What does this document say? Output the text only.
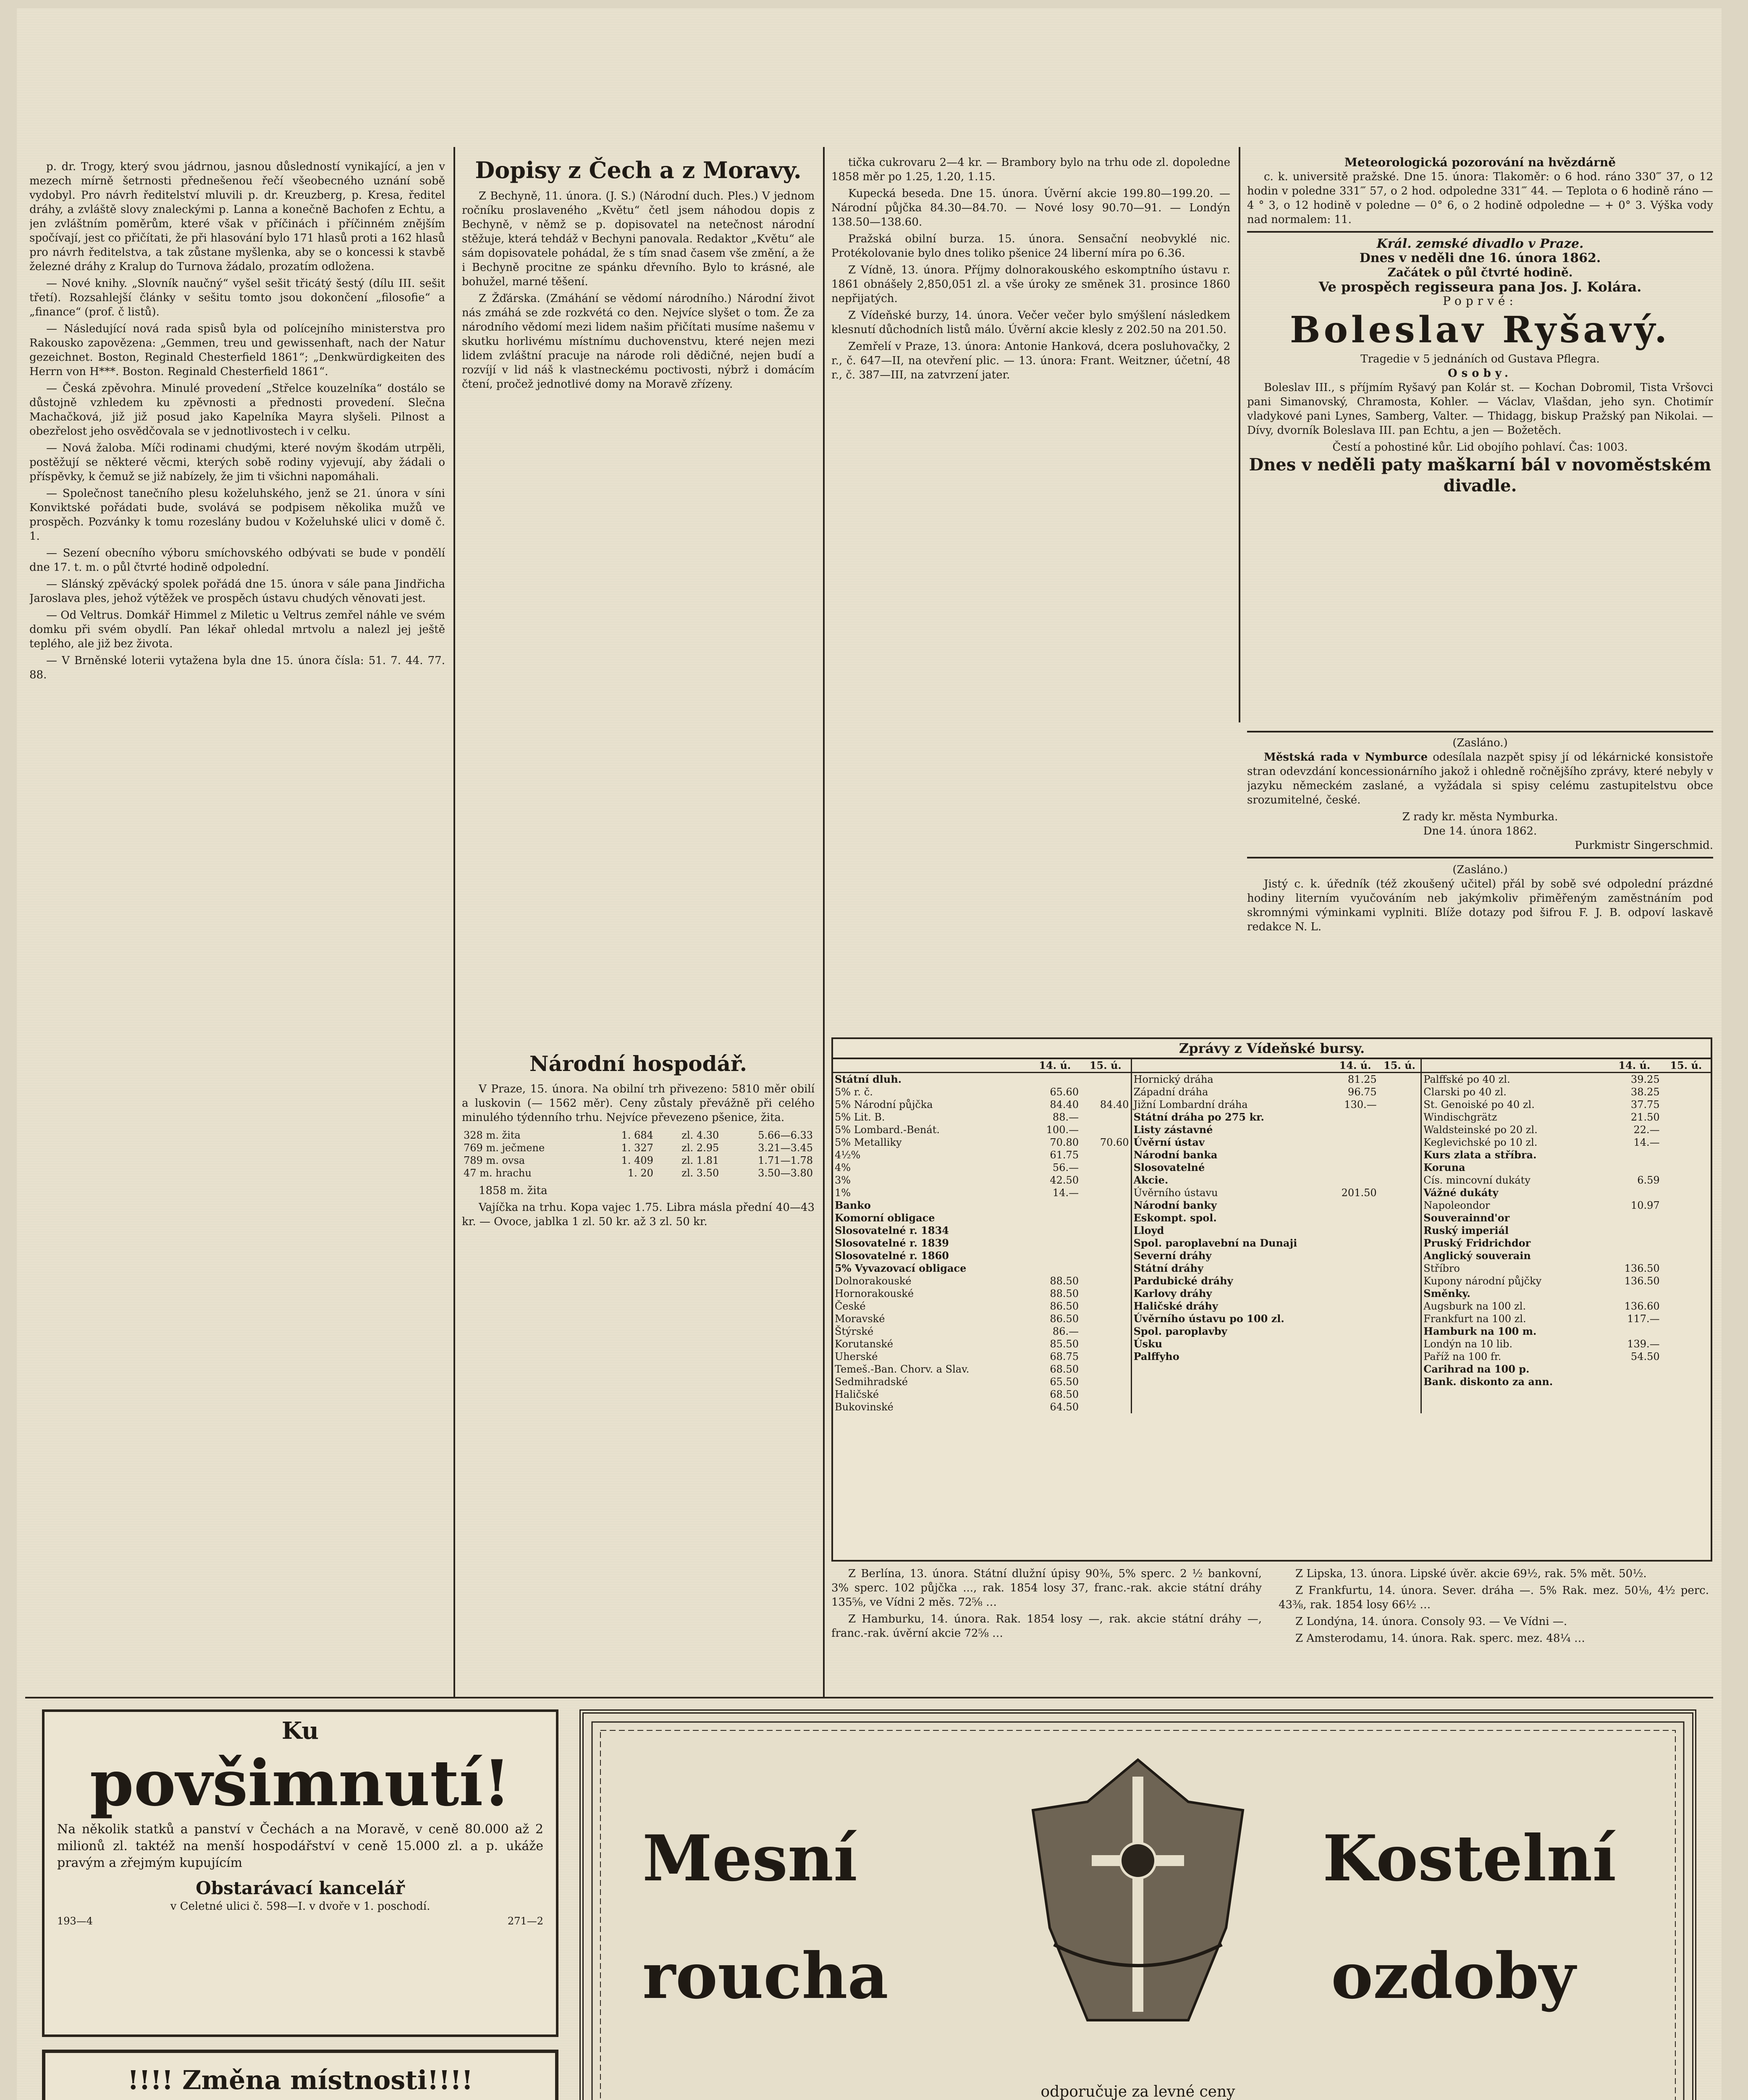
p. dr. Trogy, který svou jádrnou, jasnou důsledností vynikající, a jen v mezech mírně šetrnosti přednešenou řečí všeobecného uznání sobě vydobyl. Pro návrh ředitelství mluvili p. dr. Kreuzberg, p. Kresa, ředitel dráhy, a zvláště slovy znaleckými p. Lanna a konečně Bachofen z Echtu, a jen zvláštním poměrům, které však v příčinách i příčinném znějším spočívají, jest co přičítati, že při hlasování bylo 171 hlasů proti a 162 hlasů pro návrh ředitelstva, a tak zůstane myšlenka, aby se o koncessi k stavbě železné dráhy z Kralup do Turnova žádalo, prozatím odložena.

— Nové knihy. „Slovník naučný“ vyšel sešit třicátý šestý (dílu III. sešit třetí). Rozsahlejší články v sešitu tomto jsou dokončení „filosofie“ a „finance“ (prof. č listů).

— Následující nová rada spisů byla od polícejního ministerstva pro Rakousko zapovězena: „Gemmen, treu und gewissenhaft, nach der Natur gezeichnet. Boston, Reginald Chesterfield 1861“; „Denkwürdigkeiten des Herrn von H***. Boston. Reginald Chesterfield 1861“.

— Česká zpěvohra. Minulé provedení „Střelce kouzelníka“ dostálo se důstojně vzhledem ku zpěvnosti a přednosti provedení. Slečna Machačková, již již posud jako Kapelníka Mayra slyšeli. Pilnost a obezřelost jeho osvědčovala se v jednotlivostech i v celku.

— Nová žaloba. Míči rodinami chudými, které novým škodám utrpěli, postěžují se některé věcmi, kterých sobě rodiny vyjevují, aby žádali o příspěvky, k čemuž se již nabízely, že jim ti všichni napomáhali.

— Společnost tanečního plesu koželuhského, jenž se 21. února v síni Konviktské pořádati bude, svolává se podpisem několika mužů ve prospěch. Pozvánky k tomu rozeslány budou v Koželuhské ulici v domě č. 1.

— Sezení obecního výboru smíchovského odbývati se bude v pondělí dne 17. t. m. o půl čtvrté hodině odpolední.

— Slánský zpěvácký spolek pořádá dne 15. února v sále pana Jindřicha Jaroslava ples, jehož výtěžek ve prospěch ústavu chudých věnovati jest.

— Od Veltrus. Domkář Himmel z Miletic u Veltrus zemřel náhle ve svém domku při svém obydlí. Pan lékař ohledal mrtvolu a nalezl jej ještě teplého, ale již bez života.

— V Brněnské loterii vytažena byla dne 15. února čísla: 51. 7. 44. 77. 88.

Dopisy z Čech a z Moravy.

Z Bechyně, 11. února. (J. S.) (Národní duch. Ples.) V jednom ročníku proslaveného „Květu“ četl jsem náhodou dopis z Bechyně, v němž se p. dopisovatel na netečnost národní stěžuje, která tehdáž v Bechyni panovala. Redaktor „Květu“ ale sám dopisovatele pohádal, že s tím snad časem vše změní, a že i Bechyně procitne ze spánku dřevního. Bylo to krásné, ale bohužel, marné těšení.

Z Žďárska. (Zmáhání se vědomí národního.) Národní život nás zmáhá se zde rozkvétá co den. Nejvíce slyšet o tom. Že za národního vědomí mezi lidem našim přičítati musíme našemu v skutku horlivému místnímu duchovenstvu, které nejen mezi lidem zvláštní pracuje na národe roli dědičné, nejen budí a rozvíjí v lid náš k vlastneckému poctivosti, nýbrž i domácím čtení, pročež jednotlivé domy na Moravě zřízeny.

Národní hospodář.

V Praze, 15. února. Na obilní trh přivezeno: 5810 měr obilí a luskovin (— 1562 měr). Ceny zůstaly převážně při celého minulého týdenního trhu. Nejvíce převezeno pšenice, žita.

328 m. žita	1. 684	zl. 4.30	5.66—6.33
769 m. ječmene	1. 327	zl. 2.95	3.21—3.45
789 m. ovsa	1. 409	zl. 1.81	1.71—1.78
47 m. hrachu	1. 20	zl. 3.50	3.50—3.80

1858 m. žita

Vajíčka na trhu. Kopa vajec 1.75. Libra másla přední 40—43 kr. — Ovoce, jablka 1 zl. 50 kr. až 3 zl. 50 kr.

tička cukrovaru 2—4 kr. — Brambory bylo na trhu ode zl. dopoledne 1858 měr po 1.25, 1.20, 1.15.

Kupecká beseda. Dne 15. února. Úvěrní akcie 199.80—199.20. — Národní půjčka 84.30—84.70. — Nové losy 90.70—91. — Londýn 138.50—138.60.

Pražská obilní burza. 15. února. Sensační neobvyklé nic. Protékolovanie bylo dnes toliko pšenice 24 liberní míra po 6.36.

Z Vídně, 13. února. Příjmy dolnorakouského eskomptního ústavu r. 1861 obnášely 2,850,051 zl. a vše úroky ze směnek 31. prosince 1860 nepřijatých.

Z Vídeňské burzy, 14. února. Večer večer bylo smýšlení následkem klesnutí důchodních listů málo. Úvěrní akcie klesly z 202.50 na 201.50.

Zemřelí v Praze, 13. února: Antonie Hanková, dcera posluhovačky, 2 r., č. 647—II, na otevření plic. — 13. února: Frant. Weitzner, účetní, 48 r., č. 387—III, na zatvrzení jater.

Meteorologická pozorování na hvězdárně

c. k. universitě pražské. Dne 15. února: Tlakoměr: o 6 hod. ráno 330‴ 37, o 12 hodin v poledne 331‴ 57, o 2 hod. odpoledne 331‴ 44. — Teplota o 6 hodině ráno — 4 ° 3, o 12 hodině v poledne — 0° 6, o 2 hodině odpoledne — + 0° 3. Výška vody nad normalem: 11.

Král. zemské divadlo v Praze.
Dnes v neděli dne 16. února 1862.
Začátek o půl čtvrté hodině.
Ve prospěch regisseura pana Jos. J. Kolára.
Poprvé:
Boleslav Ryšavý.
Tragedie v 5 jednáních od Gustava Pflegra.
Osoby.

Boleslav III., s příjmím Ryšavý pan Kolár st. — Kochan Dobromil, Tista Vršovci pani Simanovský, Chramosta, Kohler. — Václav, Vlašdan, jeho syn. Chotimír vladykové pani Lynes, Samberg, Valter. — Thidagg, biskup Pražský pan Nikolai. — Dívy, dvorník Boleslava III. pan Echtu, a jen — Božetěch.

Čestí a pohostiné kůr. Lid obojího pohlaví. Čas: 1003.
Dnes v neděli paty maškarní bál v novoměstském divadle.
(Zasláno.)

Městská rada v Nymburce odesílala nazpět spisy jí od lékárnické konsistoře stran odevzdání koncessionárního jakož i ohledně ročnějšího zprávy, které nebyly v jazyku německém zaslané, a vyžádala si spisy celému zastupitelstvu obce srozumitelné, české.

Z rady kr. města Nymburka.
Dne 14. února 1862.
Purkmistr Singerschmid.
(Zasláno.)

Jistý c. k. úředník (též zkoušený učitel) přál by sobě své odpolední prázdné hodiny literním vyučováním neb jakýmkoliv přiměřeným zaměstnáním pod skromnými výminkami vyplniti. Blíže dotazy pod šifrou F. J. B. odpoví laskavě redakce N. L.

Zprávy z Vídeňské bursy.
	14. ú.	15. ú.
Státní dluh.		
5% r. č.	65.60	
5% Národní půjčka	84.40	84.40
5% Lit. B.	88.—	
5% Lombard.-Benát.	100.—	
5% Metalliky	70.80	70.60
4½%	61.75	
4%	56.—	
3%	42.50	
1%	14.—	
Banko		
Komorní obligace		
Slosovatelné r. 1834		
Slosovatelné r. 1839		
Slosovatelné r. 1860		
5% Vyvazovací obligace		
Dolnorakouské	88.50	
Hornorakouské	88.50	
České	86.50	
Moravské	86.50	
Štýrské	86.—	
Korutanské	85.50	
Uherské	68.75	
Temeš.-Ban. Chorv. a Slav.	68.50	
Sedmihradské	65.50	
Haličské	68.50	
Bukovinské	64.50	
	14. ú.	15. ú.
Hornický dráha	81.25	
Západní dráha	96.75	
Jižní Lombardní dráha	130.—	
Státní dráha po 275 kr.		
Listy zástavné		
Úvěrní ústav		
Národní banka		
Slosovatelné		
Akcie.		
Úvěrního ústavu	201.50	
Národní banky		
Eskompt. spol.		
Lloyd		
Spol. paroplavební na Dunaji		
Severní dráhy		
Státní dráhy		
Pardubické dráhy		
Karlovy dráhy		
Haličské dráhy		
Úvěrního ústavu po 100 zl.		
Spol. paroplavby		
Úsku		
Palffyho		
	14. ú.	15. ú.
Palffské po 40 zl.	39.25	
Clarski po 40 zl.	38.25	
St. Genoiské po 40 zl.	37.75	
Windischgrätz	21.50	
Waldsteinské po 20 zl.	22.—	
Keglevichské po 10 zl.	14.—	
Kurs zlata a stříbra.		
Koruna		
Cís. mincovní dukáty	6.59	
Vážné dukáty		
Napoleondor	10.97	
Souverainnd'or		
Ruský imperiál		
Pruský Fridrichdor		
Anglický souverain		
Stříbro	136.50	
Kupony národní půjčky	136.50	
Směnky.		
Augsburk na 100 zl.	136.60	
Frankfurt na 100 zl.	117.—	
Hamburk na 100 m.		
Londýn na 10 lib.	139.—	
Paříž na 100 fr.	54.50	
Carihrad na 100 p.		
Bank. diskonto za ann.		

Z Berlína, 13. února. Státní dlužní úpisy 90⅜, 5% sperc. 2 ½ bankovní, 3% sperc. 102 půjčka ..., rak. 1854 losy 37, franc.-rak. akcie státní dráhy 135⅝, ve Vídni 2 měs. 72⅝ …

Z Hamburku, 14. února. Rak. 1854 losy —, rak. akcie státní dráhy —, franc.-rak. úvěrní akcie 72⅝ …

Z Lipska, 13. února. Lipské úvěr. akcie 69½, rak. 5% mět. 50½.

Z Frankfurtu, 14. února. Sever. dráha —. 5% Rak. mez. 50⅛, 4½ perc. 43⅜, rak. 1854 losy 66½ …

Z Londýna, 14. února. Consoly 93. — Ve Vídni —.

Z Amsterodamu, 14. února. Rak. sperc. mez. 48¼ …

Ku
povšimnutí!
Na několik statků a panství v Čechách a na Moravě, v ceně 80.000 až 2 milionů zl. taktéž na menší hospodářství v ceně 15.000 zl. a p. ukáže pravým a zřejmým kupujícím
Obstarávací kancelář
v Celetné ulici č. 598—I. v dvoře v 1. poschodí.
193—4	271—2
!!!! Změna místnosti!!!!
Mesní
roucha
Kostelní
ozdoby
odporučuje za levné ceny
